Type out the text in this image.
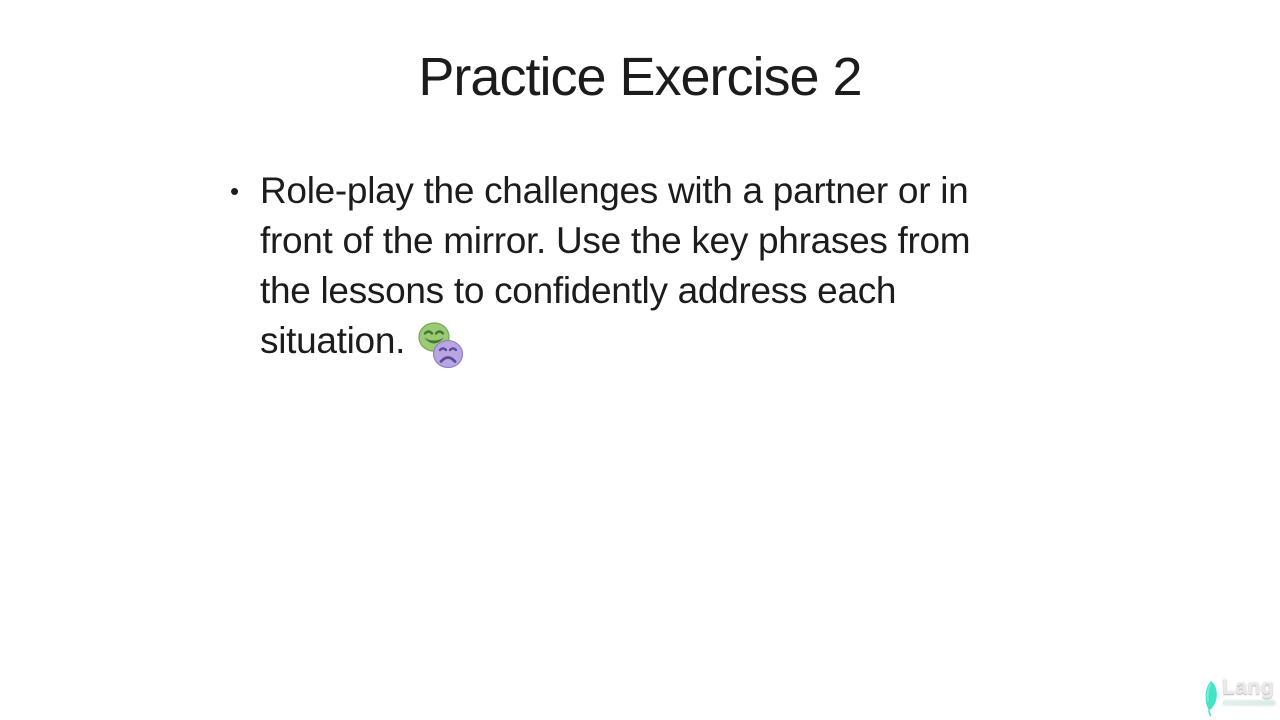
Practice Exercise 2
• Role-play the challenges with a partner or in
front of the mirror. Use the key phrases from
the lessons to confidently address each
situation.
Lang
